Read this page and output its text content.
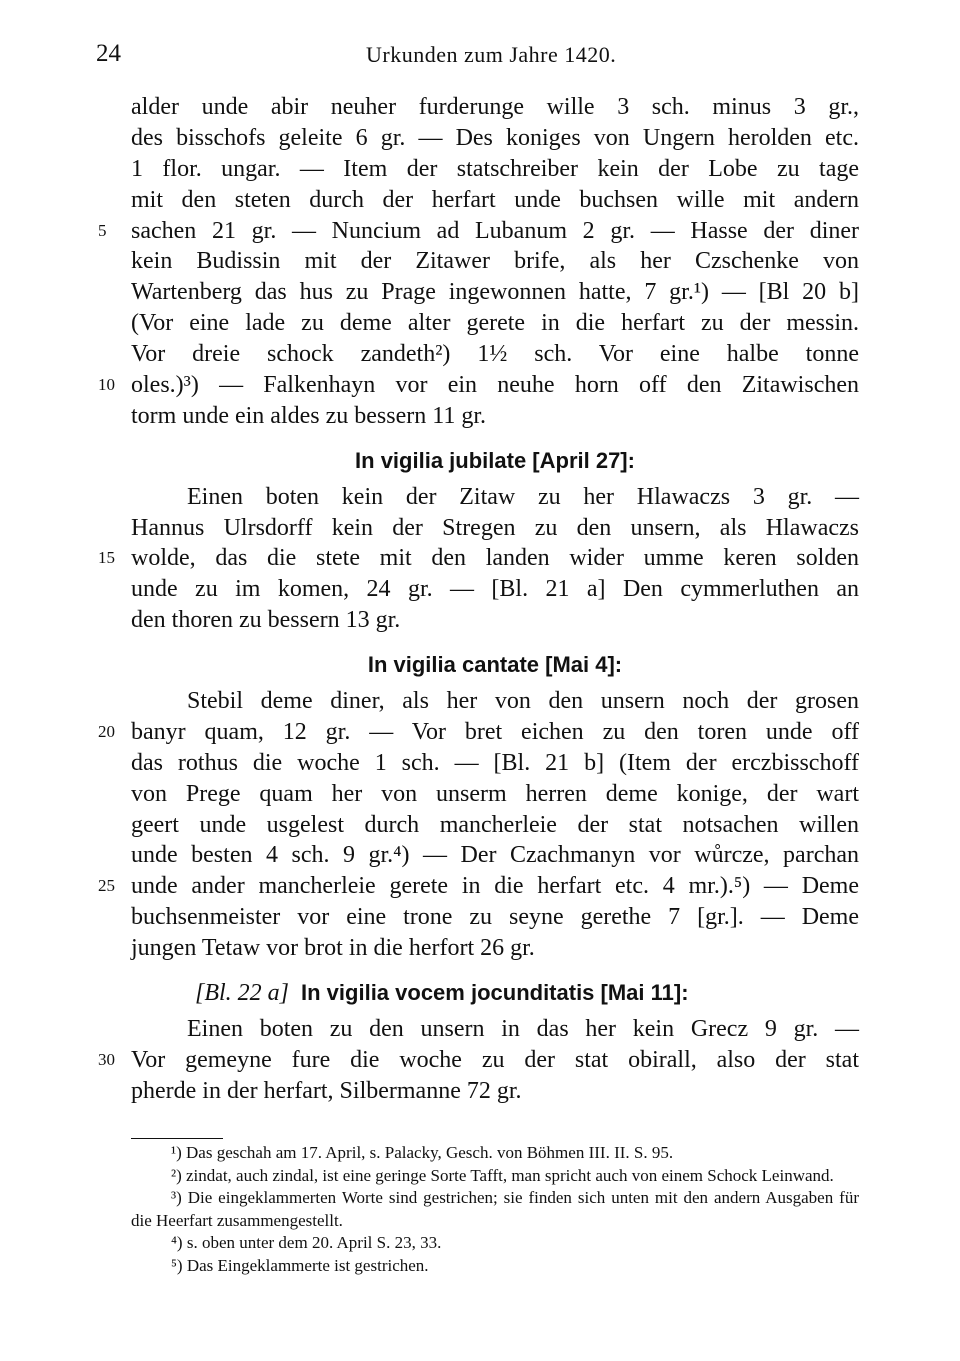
24	Urkunden zum Jahre 1420.
alder unde abir neuher furderunge wille 3 sch. minus 3 gr.,
des bisschofs geleite 6 gr. — Des koniges von Ungern herolden etc.
1 flor. ungar. — Item der statschreiber kein der Lobe zu tage
mit den steten durch der herfart unde buchsen wille mit andern
5	sachen 21 gr. — Nuncium ad Lubanum 2 gr. — Hasse der diner
kein Budissin mit der Zitawer brife, als her Czschenke von
Wartenberg das hus zu Prage ingewonnen hatte, 7 gr.¹) — [Bl 20 b]
(Vor eine lade zu deme alter gerete in die herfart zu der messin.
Vor dreie schock zandeth²) 1½ sch. Vor eine halbe tonne
10 oles.)³) — Falkenhayn vor ein neuhe horn off den Zitawischen
torm unde ein aldes zu bessern 11 gr.
In vigilia jubilate [April 27]:
Einen boten kein der Zitaw zu her Hlawaczs 3 gr. —
Hannus Ulrsdorff kein der Stregen zu den unsern, als Hlawaczs
15 wolde, das die stete mit den landen wider umme keren solden
unde zu im komen, 24 gr. — [Bl. 21 a] Den cymmerluthen an
den thoren zu bessern 13 gr.
In vigilia cantate [Mai 4]:
Stebil deme diner, als her von den unsern noch der grosen
20 banyr quam, 12 gr. — Vor bret eichen zu den toren unde off
das rothus die woche 1 sch. — [Bl. 21 b] (Item der erczbisschoff
von Prege quam her von unserm herren deme konige, der wart
geert unde usgelest durch mancherleie der stat notsachen willen
unde besten 4 sch. 9 gr.⁴) — Der Czachmanyn vor wůrcze, parchan
25 unde ander mancherleie gerete in die herfart etc. 4 mr.).⁵) — Deme
buchsenmeister vor eine trone zu seyne gerethe 7 [gr.]. — Deme
jungen Tetaw vor brot in die herfort 26 gr.
[Bl. 22 a] In vigilia vocem jocunditatis [Mai 11]:
Einen boten zu den unsern in das her kein Grecz 9 gr. —
30 Vor gemeyne fure die woche zu der stat obirall, also der stat
pherde in der herfart, Silbermanne 72 gr.
¹) Das geschah am 17. April, s. Palacky, Gesch. von Böhmen III. II. S. 95.
²) zindat, auch zindal, ist eine geringe Sorte Tafft, man spricht auch von einem Schock Leinwand.
³) Die eingeklammerten Worte sind gestrichen; sie finden sich unten mit den andern Ausgaben für die Heerfart zusammengestellt.
⁴) s. oben unter dem 20. April S. 23, 33.
⁵) Das Eingeklammerte ist gestrichen.
